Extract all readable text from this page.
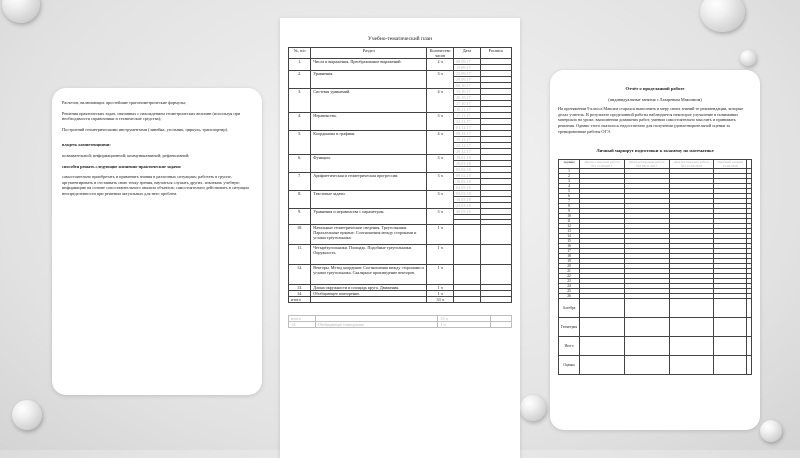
Расчетов, включающих простейшие тригонометрические формулы;

Решения практических задач, связанных с нахождением геометрических величин (используя при необходимости справочники и технические средства);

Построений геометрическими инструментами (линейка, угольник, циркуль, транспортир).

владеть компетенциями:

познавательной; информационной; коммуникативной; рефлексивной;

способен решать следующие жизненно-практические задачи:

самостоятельно приобретать и применять знания в различных ситуациях; работать в группе, аргументировать и отстаивать свою точку зрения, научиться слушать других, извлекать учебную информацию на основе сопоставительного анализа объектов; самостоятельно действовать в ситуации неопределенности при решении актуальных для него проблем.

Учебно-тематический план
№, п/п	Раздел	Количество часов	Дата	Роспись
1.	Числа и выражения. Преобразование выражений.	2 ч	08.09.17	
			15.09.17	
2.	Уравнения.	3 ч	22.09.17	
			29.09.17	
			06.10.17	
3.	Системы уравнений.	4 ч	13.10.17	
			20.10.17	
			27.10.17	
			10.11.17	
4.	Неравенства.	3 ч	17.11.17	
			24.11.17	
			01.12.17	
5.	Координаты и графики.	4 ч	08.12.17	
			15.12.17	
			22.12.17	
			29.12.17	
6.	Функции.	3 ч	19.01.18	
			26.01.18	
			02.02.18	
7.	Арифметическая и геометрическая прогрессии.	3 ч	09.02.18	
			16.02.18	
			02.03.18	
8.	Текстовые задачи.	3 ч	09.03.18	
			16.03.18	
			23.03.18	
9.	Уравнения и неравенства с параметром.	3 ч	30.03.18	

10.	Начальные геометрические сведения. Треугольники. Параллельные прямые. Соотношения между сторонами и углами треугольника.	1 ч		
11.	Четырёхугольники. Площадь. Подобные треугольники. Окружность.	1 ч		
12.	Векторы. Метод координат. Соотношения между сторонами и углами треугольника. Скалярное произведение векторов.	1 ч		
13.	Длина окружности и площадь круга. Движения.	1 ч		
14.	Обобщающее повторение.	1 ч		
итого		33 ч		
итого		33 ч	
14.	Обобщающее повторение.	1 ч	
Отчёт о проделанной работе

(индивидуальные занятия с Лазаревым Максимом)

На протяжении 9 класса Максим старался выполнить в меру своих знаний те рекомендации, которые делал учитель. В результате проделанной работы наблюдается некоторое улучшение в понимании материала на уроке, выполнении домашних работ, умении самостоятельно мыслить и принимать решения. Однако этого оказалось недостаточно для получения удовлетворительной оценки за тренировочные работы ОГЭ.

Личный маршрут подготовки к экзамену по математике
задание	Диагностическая работа №1 27.09.2017	Диагностическая работа №2 08.11.2017	Диагностическая работа №3 15.02.2018	Пробный экзамен 15.03.2018	
1					
2					
3					
4					
5					
6					
7					
8					
9					
10					
11					
12					
13					
14					
15					
16					
17					
18					
19					
20					
21					
22					
23					
24					
25					
26					
Алгебра					
Геометрия					
Итого					
Оценка					
